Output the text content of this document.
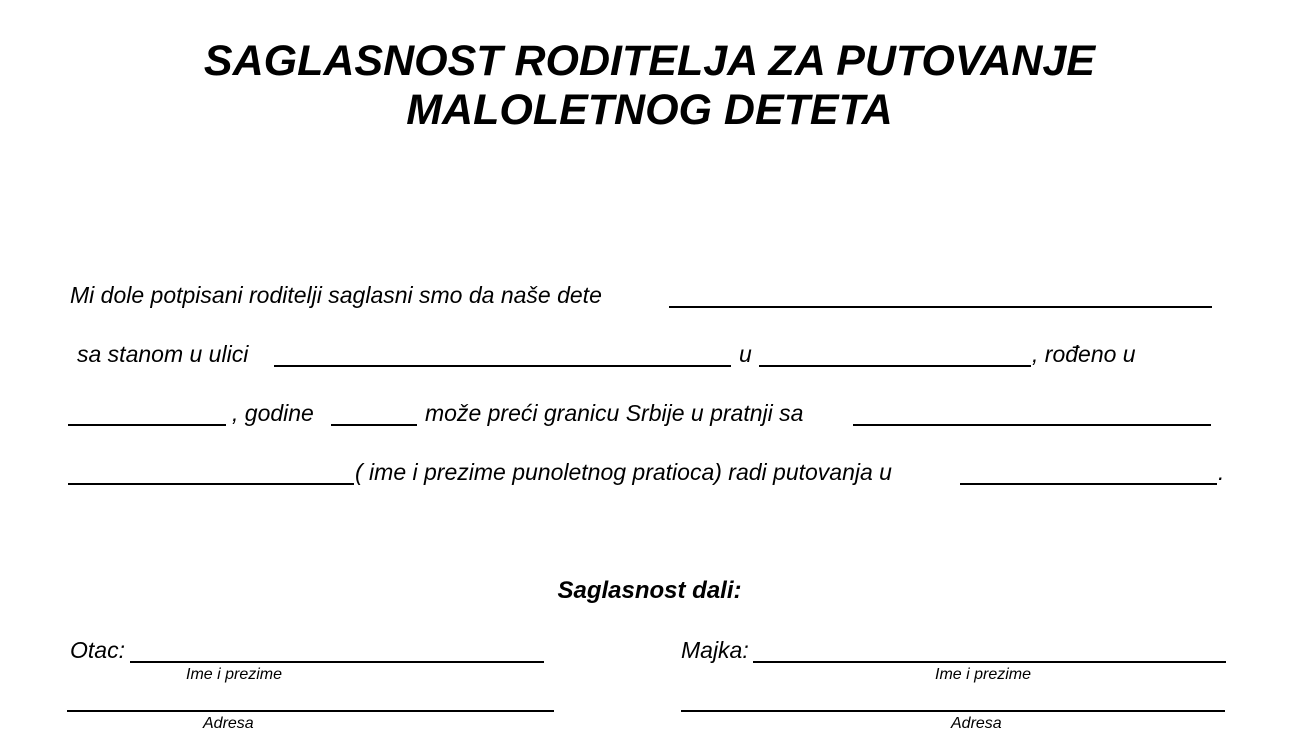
SAGLASNOST RODITELJA ZA PUTOVANJE
MALOLETNOG DETETA
Mi dole potpisani roditelji saglasni smo da naše dete
sa stanom u ulici	u	, rođeno u
, godine	može preći granicu Srbije u pratnji sa
( ime i prezime punoletnog pratioca) radi putovanja u	.
Saglasnost dali:
Otac:
Ime i prezime
Adresa
Majka:
Ime i prezime
Adresa
